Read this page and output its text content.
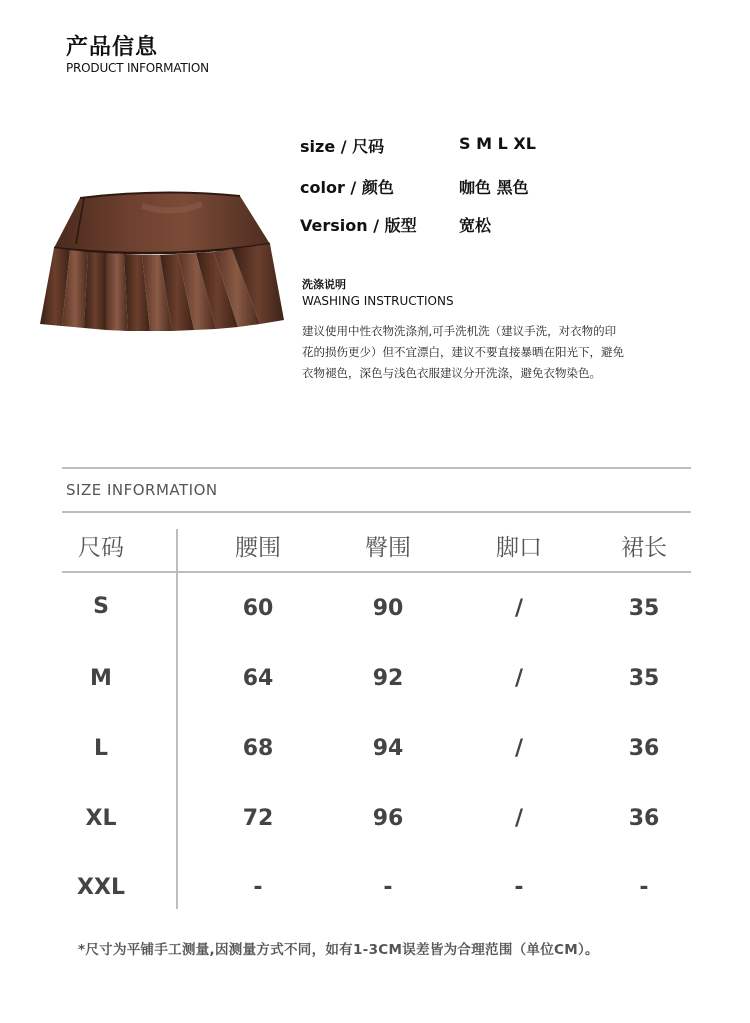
产品信息
PRODUCT INFORMATION
size / 尺码	S M L XL
color / 颜色	咖色 黑色
Version / 版型	宽松
洗涤说明
WASHING INSTRUCTIONS
建议使用中性衣物洗涤剂,可手洗机洗（建议手洗，对衣物的印
花的损伤更少）但不宜漂白，建议不要直接暴晒在阳光下，避免
衣物褪色，深色与浅色衣服建议分开洗涤，避免衣物染色。
SIZE INFORMATION
尺码	腰围	臀围	脚口	裙长
S	60	90	/	35
M	64	92	/	35
L	68	94	/	36
XL	72	96	/	36
XXL	-	-	-	-
*尺寸为平铺手工测量,因测量方式不同，如有1-3CM误差皆为合理范围（单位CM）。
